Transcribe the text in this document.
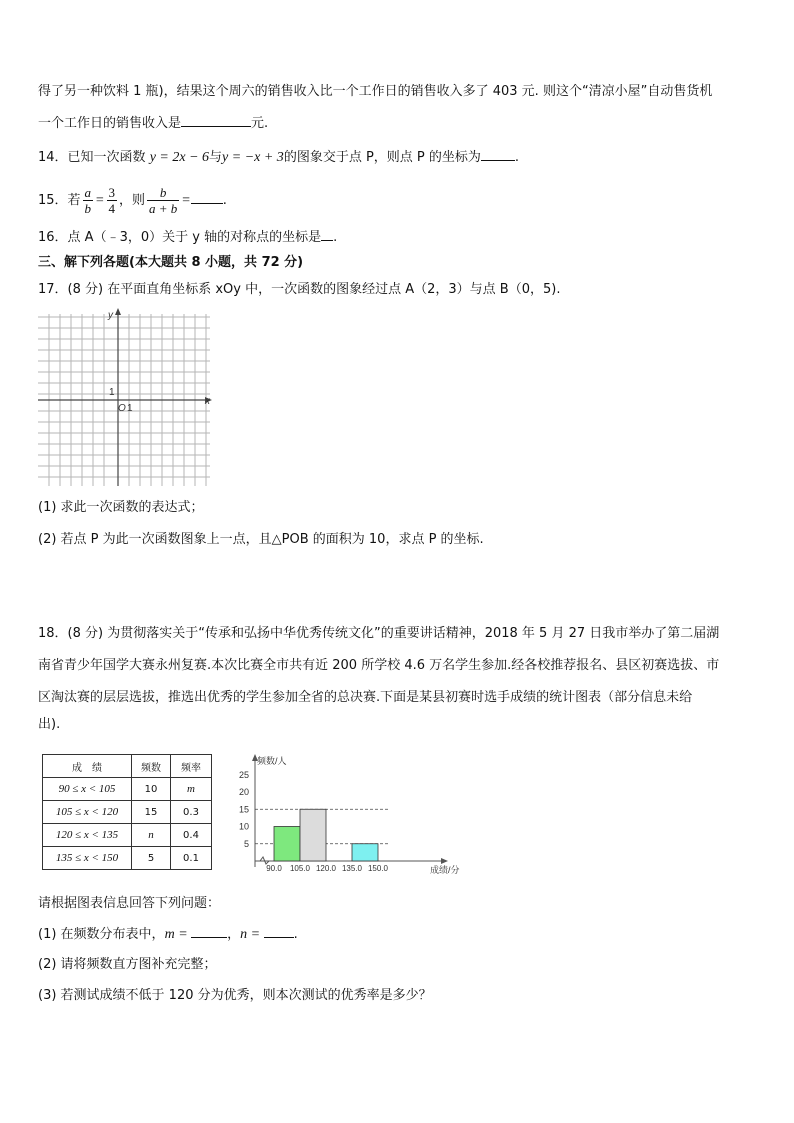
得了另一种饮料 1 瓶)，结果这个周六的销售收入比一个工作日的销售收入多了 403 元. 则这个“清凉小屋”自动售货机
一个工作日的销售收入是	元.
14．已知一次函数 y = 2x − 6与y = −x + 3的图象交于点 P，则点 P 的坐标为	.
15．若 $\frac{a}{b} = \frac{3}{4}$ ，则 $\frac{b}{a + b}$ = .
16．点 A（﹣3，0）关于 y 轴的对称点的坐标是 .
三、解下列各题(本大题共 8 小题，共 72 分)
17．(8 分) 在平面直角坐标系 xOy 中，一次函数的图象经过点 A（2，3）与点 B（0，5).
y
x
1
O 1
(1) 求此一次函数的表达式；
(2) 若点 P 为此一次函数图象上一点，且△POB 的面积为 10，求点 P 的坐标.
18．(8 分) 为贯彻落实关于“传承和弘扬中华优秀传统文化”的重要讲话精神，2018 年 5 月 27 日我市举办了第二届湖
南省青少年国学大赛永州复赛.本次比赛全市共有近 200 所学校 4.6 万名学生参加.经各校推荐报名、县区初赛选拔、市
区淘汰赛的层层选拔，推选出优秀的学生参加全省的总决赛.下面是某县初赛时选手成绩的统计图表（部分信息未给
出).
成　绩	频数	频率
90 ≤ x < 105	10	m
105 ≤ x < 120	15	0.3
120 ≤ x < 135	n	0.4
135 ≤ x < 150	5	0.1
频数/人
5
10
15
20
25
90.0 105.0 120.0 135.0 150.0	成绩/分
请根据图表信息回答下列问题：
(1) 在频数分布表中，m =	，n = .
(2) 请将频数直方图补充完整；
(3) 若测试成绩不低于 120 分为优秀，则本次测试的优秀率是多少？
